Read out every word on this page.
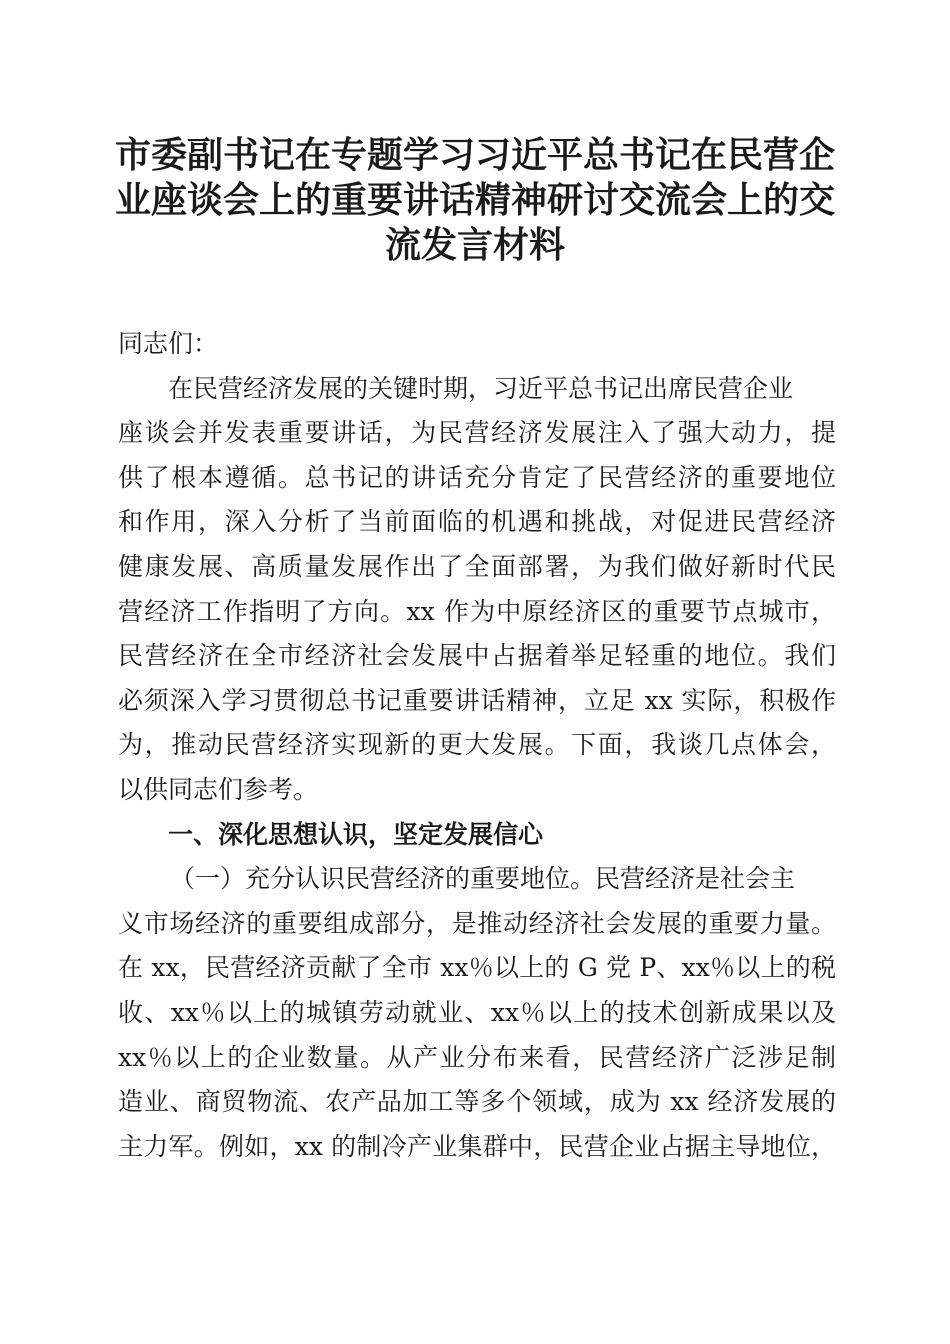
市委副书记在专题学习习近平总书记在民营企
业座谈会上的重要讲话精神研讨交流会上的交
流发言材料
同志们：
在民营经济发展的关键时期，习近平总书记出席民营企业
座谈会并发表重要讲话，为民营经济发展注入了强大动力，提
供了根本遵循。总书记的讲话充分肯定了民营经济的重要地位
和作用，深入分析了当前面临的机遇和挑战，对促进民营经济
健康发展、高质量发展作出了全面部署，为我们做好新时代民
营经济工作指明了方向。xx 作为中原经济区的重要节点城市，
民营经济在全市经济社会发展中占据着举足轻重的地位。我们
必须深入学习贯彻总书记重要讲话精神，立足 xx 实际，积极作
为，推动民营经济实现新的更大发展。下面，我谈几点体会，
以供同志们参考。
一、深化思想认识，坚定发展信心
（一）充分认识民营经济的重要地位。民营经济是社会主
义市场经济的重要组成部分，是推动经济社会发展的重要力量。
在 xx，民营经济贡献了全市 xx％以上的 G 党 P、xx％以上的税
收、xx％以上的城镇劳动就业、xx％以上的技术创新成果以及
xx％以上的企业数量。从产业分布来看，民营经济广泛涉足制
造业、商贸物流、农产品加工等多个领域，成为 xx 经济发展的
主力军。例如，xx 的制冷产业集群中，民营企业占据主导地位，
